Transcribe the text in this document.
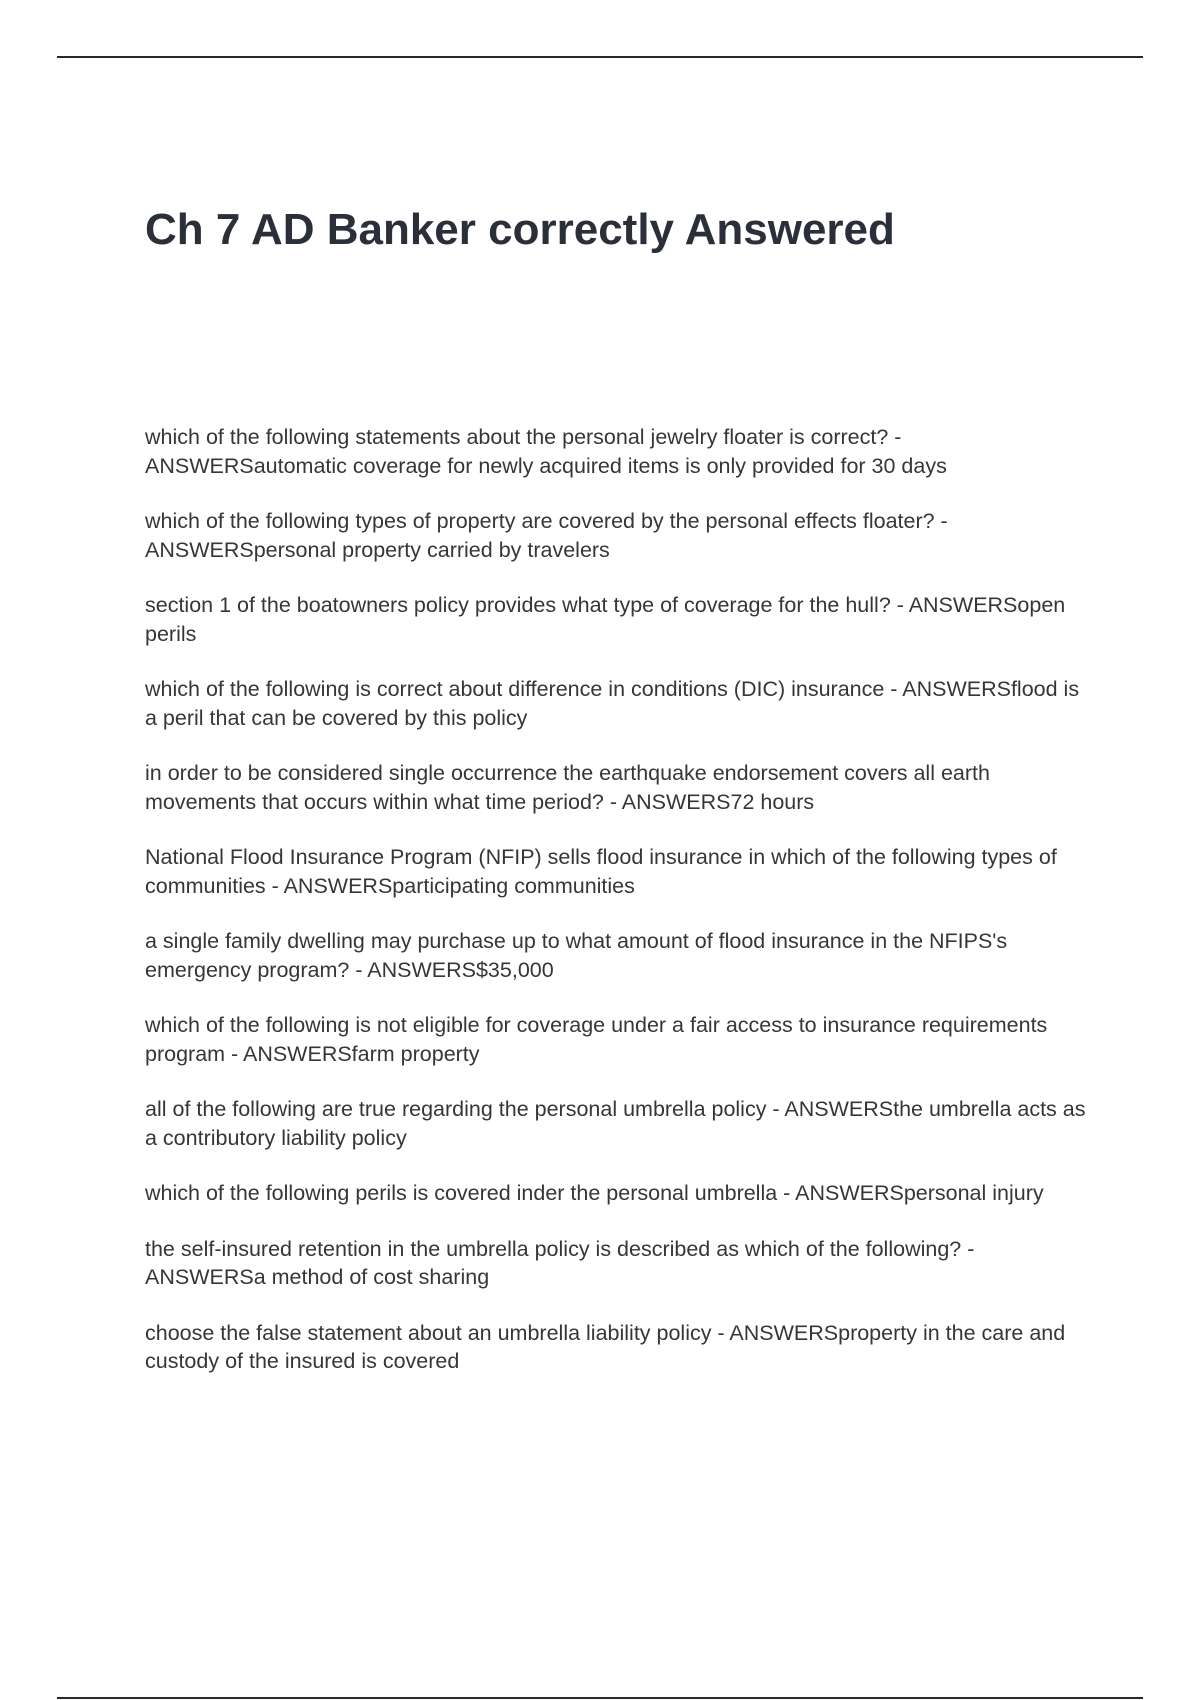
Ch 7 AD Banker correctly Answered
which of the following statements about the personal jewelry floater is correct? - ANSWERSautomatic coverage for newly acquired items is only provided for 30 days
which of the following types of property are covered by the personal effects floater? - ANSWERSpersonal property carried by travelers
section 1 of the boatowners policy provides what type of coverage for the hull? - ANSWERSopen perils
which of the following is correct about difference in conditions (DIC) insurance - ANSWERSflood is a peril that can be covered by this policy
in order to be considered single occurrence the earthquake endorsement covers all earth movements that occurs within what time period? - ANSWERS72 hours
National Flood Insurance Program (NFIP) sells flood insurance in which of the following types of communities - ANSWERSparticipating communities
a single family dwelling may purchase up to what amount of flood insurance in the NFIPS's emergency program? - ANSWERS$35,000
which of the following is not eligible for coverage under a fair access to insurance requirements program - ANSWERSfarm property
all of the following are true regarding the personal umbrella policy - ANSWERSthe umbrella acts as a contributory liability policy
which of the following perils is covered inder the personal umbrella - ANSWERSpersonal injury
the self-insured retention in the umbrella policy is described as which of the following? - ANSWERSa method of cost sharing
choose the false statement about an umbrella liability policy - ANSWERSproperty in the care and custody of the insured is covered
